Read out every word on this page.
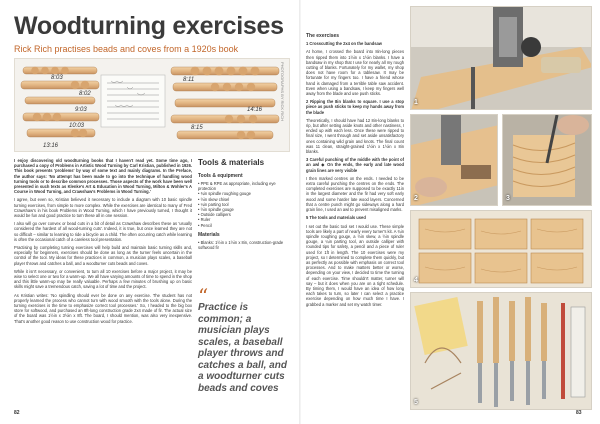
Woodturning exercises
Rick Rich practises beads and coves from a 1920s book
8:03
8:02
9:03
10:03
13:16
8:11
14:16
8:15
PHOTOGRAPHS BY RICK RICH

I enjoy discovering old woodturning books that I haven't read yet. Some time ago, I purchased a copy of Problems in Artistic Wood Turning by Carl Kristian, published in 1926. This book presents 'problems' by way of some text and mainly diagrams. In the Preface, the author says: 'No attempt has been made to go into the technique of handling wood turning tools or to describe common processes. Those aspects of the work have been well presented in such texts as Klenke's Art & Education in Wood Turning, Milton & Wohler's A Course in Wood Turning, and Crawshaw's Problems in Wood Turning.'

I agree, but even so, Kristian believed it necessary to include a diagram with 10 basic spindle turning exercises, from simple to more complex. While the exercises are identical to many of Fred Crawshaw's in his book Problems in Wood Turning, which I have previously turned, I thought it would be fun and good practice to turn these all in one session.

I also will go over convex or bead cuts in a bit of detail as Crawshaw describes these as 'usually considered the hardest of all wood-turning cuts'. Indeed, it is true, but once learned they are not so difficult – similar to learning to ride a bicycle as a child. The often occurring catch while learning is often the occasional catch of a careless tool presentation.

Practising by completing turning exercises will help build and maintain basic turning skills and, especially for beginners, exercises should be done as long as the turner feels uncertain in the control of the tool. My ideas for these practices in common, a musician plays scales, a baseball player throws and catches a ball, and a woodturner cuts beads and coves.

While it isn't necessary, or convenient, to turn all 10 exercises before a major project, it may be wise to select one or two for a warm-up. We all have varying amounts of time to spend in the shop and this little warm-up may be really valuable. Perhaps a few minutes of brushing up on basic skills might save a tremendous catch, saving a lot of time and the project.

As Kristian writes: 'No spindling should ever be done on any exercise. The student has not properly learned the process who cannot turn with wood smooth with the tools alone. During the turning exercises is the time to emphasize correct tool processes.' So, I headed to the big box store for softwood, and purchased an 8ft-long construction grade 2x4 made of fir. The actual size of the board was 1½in x 3½in x 8ft. The board, I should mention, was also very inexpensive. That's another good reason to use construction wood for practice.

Tools & materials
Tools & equipment
• PPE & RPE as appropriate, including eye protection
• ¾in spindle roughing gouge
• ½in skew chisel
• ¼in parting tool
• ½in spindle gouge
• Outside callipers
• Ruler
• Pencil
Materials
• Blanks: 1½in x 1½in x 8in, construction-grade softwood fir
“
Practice is common; a musician plays scales, a baseball player throws and catches a ball, and a woodturner cuts beads and coves
82
The exercises

1 Crosscutting the 2x4 on the bandsaw

At home, I crossed the board into 8in-long pieces then ripped them into 1½in x 1½in blanks. I have a bandsaw in my shop that I use for nearly all my rough cutting of blanks. Fortunately for my wallet, my shop does not have room for a tablesaw. It may be fortunate for my fingers too. I have a friend whose hand is damaged from a terrible table saw accident. Even when using a bandsaw, I keep my fingers well away from the blade and use push sticks.

2 Ripping the 8in blanks to square. I use a stop piece as push sticks to keep my hands away from the blade

Theoretically, I should have had 12 8in-long blanks to rip, but after setting aside knots and other nastiness, I ended up with each less. Once these were ripped to final size, I went through and set aside unsatisfactory ones containing wild grain and knots. The final count was 11 clean, straight-grained 1½in x 1½in x 8in blanks.

3 Careful punching of the middle with the point of an awl ◆ On the ends, the early and late wood grain lines are very visible

I then marked centres on the ends. I needed to be extra careful punching the centres on the ends. The completed exercises are supposed to be exactly 11in in the largest diameter and the fir had very soft early wood and some harder late wood layers. Concerned that a centre punch might go sideways along a hard grain line, I used an awl to prevent misaligned marks.

5 The tools and materials used

I set out the basic tool set I would use. These simple tools are likely a part of nearly every turner's kit. A ¾in spindle roughing gouge, a ½in skew, a ½in spindle gouge, a ¼in parting tool, an outside calliper with rounded tips for safety, a pencil and a piece of ruler used for 1ft in length. The 10 exercises were my project, so I determined to complete them quickly, but as perfectly as possible with emphasis on correct tool processes. And to make matters better or worse, depending on your view, I decided to time the turning of each exercise. Time shouldn't matter, turner will say – but it does when you are on a tight schedule. By timing them, I would have an idea of how long each takes to turn, so later I can select a practice exercise depending on how much time I have. I grabbed a marker and set my watch timer.

1
2	3
4
5
83
